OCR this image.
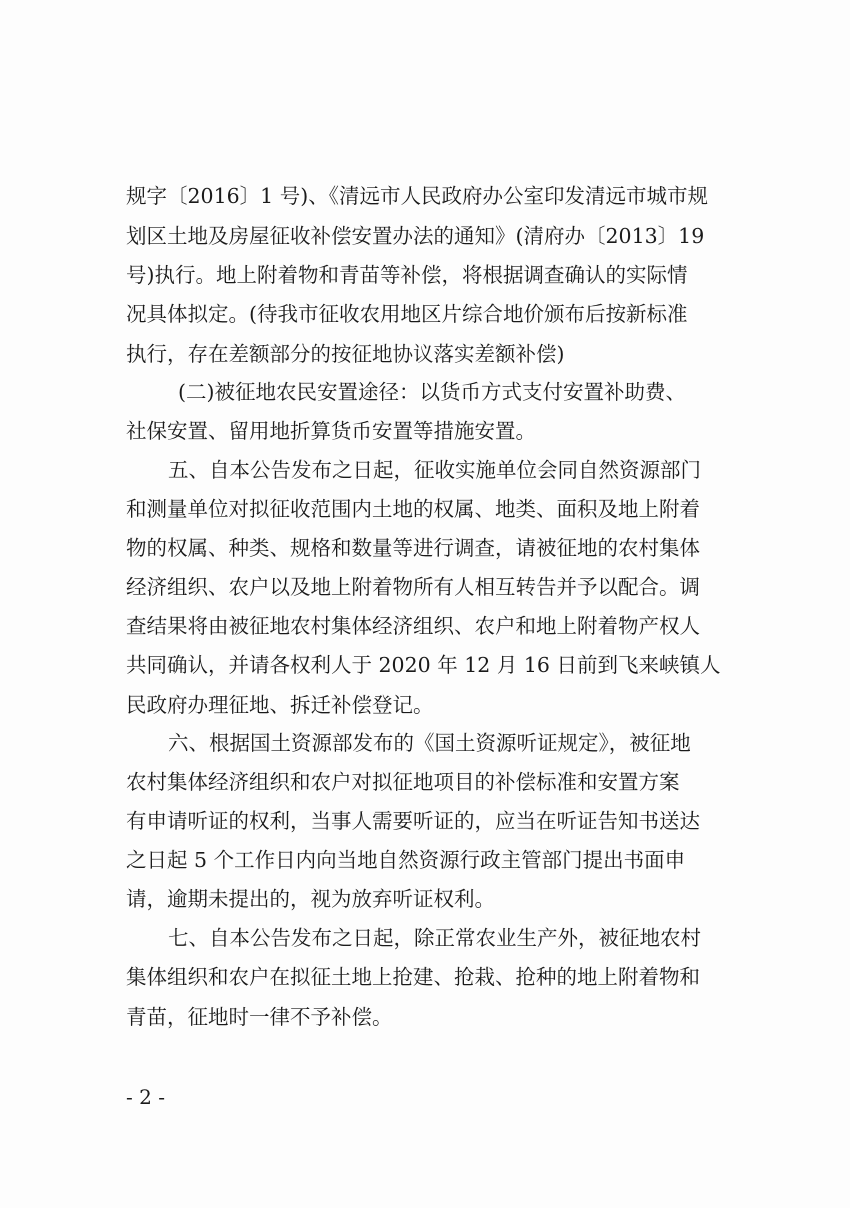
规字〔2016〕1 号)、《清远市人民政府办公室印发清远市城市规
划区土地及房屋征收补偿安置办法的通知》(清府办〔2013〕19
号)执行。地上附着物和青苗等补偿，将根据调查确认的实际情
况具体拟定。(待我市征收农用地区片综合地价颁布后按新标准
执行，存在差额部分的按征地协议落实差额补偿)
(二)被征地农民安置途径：以货币方式支付安置补助费、
社保安置、留用地折算货币安置等措施安置。
五、自本公告发布之日起，征收实施单位会同自然资源部门
和测量单位对拟征收范围内土地的权属、地类、面积及地上附着
物的权属、种类、规格和数量等进行调查，请被征地的农村集体
经济组织、农户以及地上附着物所有人相互转告并予以配合。调
查结果将由被征地农村集体经济组织、农户和地上附着物产权人
共同确认，并请各权利人于 2020 年 12 月 16 日前到飞来峡镇人
民政府办理征地、拆迁补偿登记。
六、根据国土资源部发布的《国土资源听证规定》，被征地
农村集体经济组织和农户对拟征地项目的补偿标准和安置方案
有申请听证的权利，当事人需要听证的，应当在听证告知书送达
之日起 5 个工作日内向当地自然资源行政主管部门提出书面申
请，逾期未提出的，视为放弃听证权利。
七、自本公告发布之日起，除正常农业生产外，被征地农村
集体组织和农户在拟征土地上抢建、抢栽、抢种的地上附着物和
青苗，征地时一律不予补偿。
- 2 -
